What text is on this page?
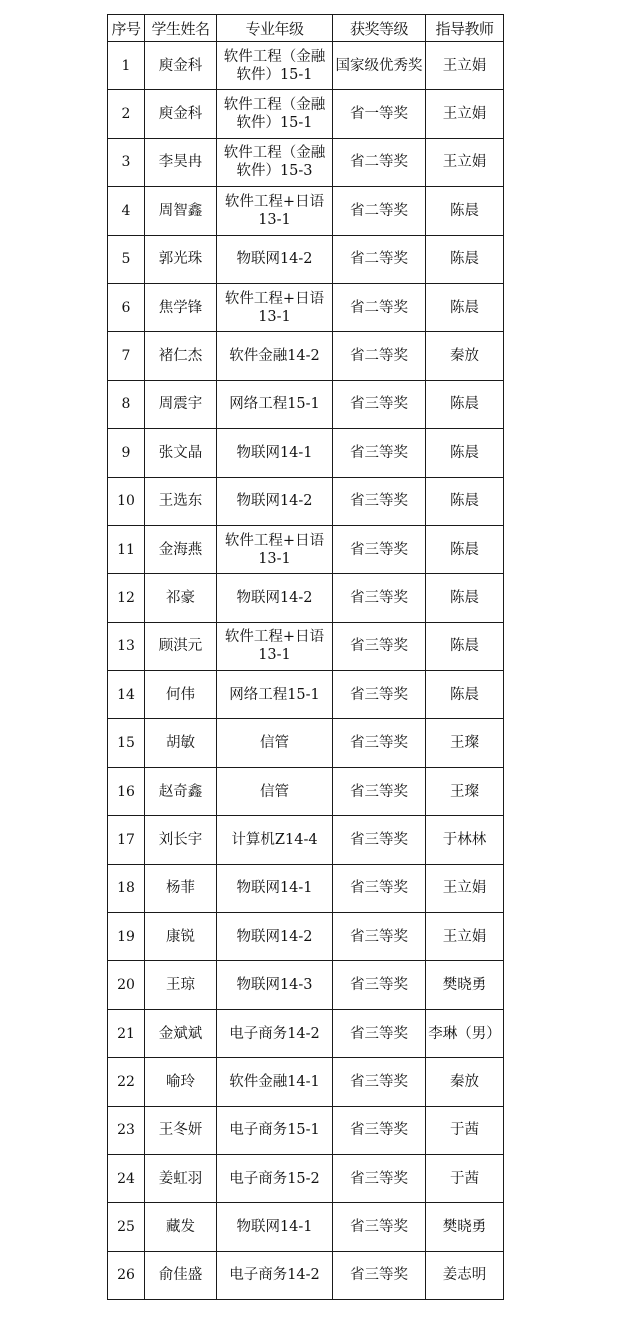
序号	学生姓名	专业年级	获奖等级	指导教师
1	庾金科	软件工程（金融软件）15-1	国家级优秀奖	王立娟
2	庾金科	软件工程（金融软件）15-1	省一等奖	王立娟
3	李昊冉	软件工程（金融软件）15-3	省二等奖	王立娟
4	周智鑫	软件工程+日语13-1	省二等奖	陈晨
5	郭光珠	物联网14-2	省二等奖	陈晨
6	焦学锋	软件工程+日语13-1	省二等奖	陈晨
7	褚仁杰	软件金融14-2	省二等奖	秦放
8	周震宇	网络工程15-1	省三等奖	陈晨
9	张文晶	物联网14-1	省三等奖	陈晨
10	王选东	物联网14-2	省三等奖	陈晨
11	金海燕	软件工程+日语13-1	省三等奖	陈晨
12	祁豪	物联网14-2	省三等奖	陈晨
13	顾淇元	软件工程+日语13-1	省三等奖	陈晨
14	何伟	网络工程15-1	省三等奖	陈晨
15	胡敏	信管	省三等奖	王璨
16	赵奇鑫	信管	省三等奖	王璨
17	刘长宇	计算机Z14-4	省三等奖	于林林
18	杨菲	物联网14-1	省三等奖	王立娟
19	康锐	物联网14-2	省三等奖	王立娟
20	王琼	物联网14-3	省三等奖	樊晓勇
21	金斌斌	电子商务14-2	省三等奖	李琳（男）
22	喻玲	软件金融14-1	省三等奖	秦放
23	王冬妍	电子商务15-1	省三等奖	于茜
24	姜虹羽	电子商务15-2	省三等奖	于茜
25	藏发	物联网14-1	省三等奖	樊晓勇
26	俞佳盛	电子商务14-2	省三等奖	姜志明
